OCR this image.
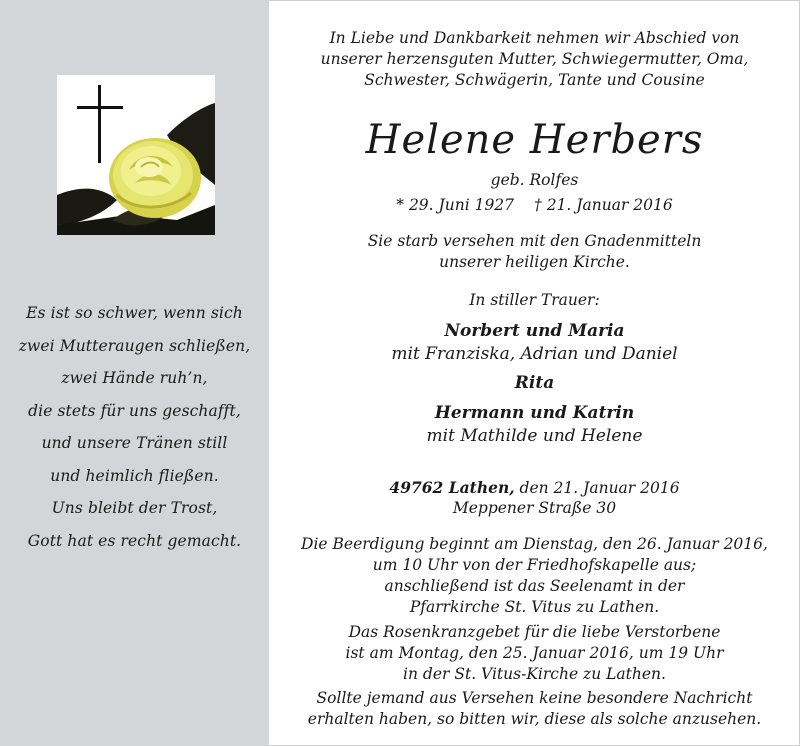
Es ist so schwer, wenn sich
zwei Mutteraugen schließen,
zwei Hände ruh’n,
die stets für uns geschafft,
und unsere Tränen still
und heimlich fließen.
Uns bleibt der Trost,
Gott hat es recht gemacht.
In Liebe und Dankbarkeit nehmen wir Abschied von
unserer herzensguten Mutter, Schwiegermutter, Oma,
Schwester, Schwägerin, Tante und Cousine
Helene Herbers
geb. Rolfes
* 29. Juni 1927 † 21. Januar 2016
Sie starb versehen mit den Gnadenmitteln
unserer heiligen Kirche.
In stiller Trauer:
Norbert und Maria
mit Franziska, Adrian und Daniel
Rita
Hermann und Katrin
mit Mathilde und Helene
49762 Lathen, den 21. Januar 2016
Meppener Straße 30
Die Beerdigung beginnt am Dienstag, den 26. Januar 2016,
um 10 Uhr von der Friedhofskapelle aus;
anschließend ist das Seelenamt in der
Pfarrkirche St. Vitus zu Lathen.
Das Rosenkranzgebet für die liebe Verstorbene
ist am Montag, den 25. Januar 2016, um 19 Uhr
in der St. Vitus-Kirche zu Lathen.
Sollte jemand aus Versehen keine besondere Nachricht
erhalten haben, so bitten wir, diese als solche anzusehen.
